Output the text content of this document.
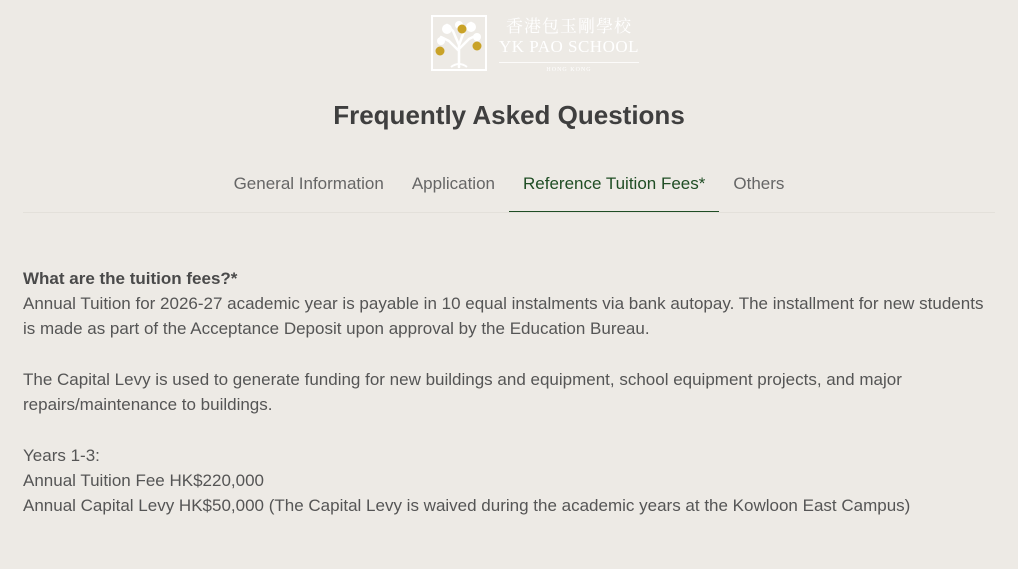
香港包玉剛學校
YK PAO SCHOOL
HONG KONG
Frequently Asked Questions
General Information	Application	Reference Tuition Fees*	Others

What are the tuition fees?*

Annual Tuition for 2026-27 academic year is payable in 10 equal instalments via bank autopay. The installment for new students is made as part of the Acceptance Deposit upon approval by the Education Bureau.

The Capital Levy is used to generate funding for new buildings and equipment, school equipment projects, and major repairs/maintenance to buildings.

Years 1-3:

Annual Tuition Fee HK$220,000

Annual Capital Levy HK$50,000 (The Capital Levy is waived during the academic years at the Kowloon East Campus)
